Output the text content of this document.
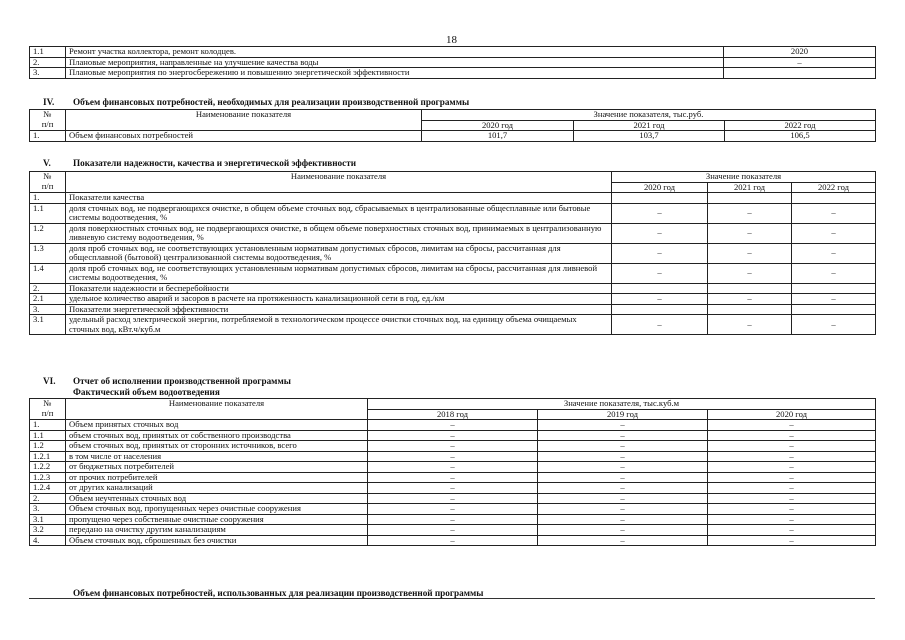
18
1.1	Ремонт участка коллектора, ремонт колодцев.	2020
2.	Плановые мероприятия, направленные на улучшение качества воды	–
3.	Плановые мероприятия по энергосбережению и повышению энергетической эффективности	
IV. Объем финансовых потребностей, необходимых для реализации производственной программы
№
п/п	Наименование показателя	Значение показателя, тыс.руб.		
		2020 год	2021 год	2022 год
1.	Объем финансовых потребностей	101,7	103,7	106,5
V. Показатели надежности, качества и энергетической эффективности
№
п/п	Наименование показателя	Значение показателя		
		2020 год	2021 год	2022 год
1.	Показатели качества			
1.1	доля сточных вод, не подвергающихся очистке, в общем объеме сточных вод, сбрасываемых в централизованные общесплавные или бытовые системы водоотведения, %	–	–	–
1.2	доля поверхностных сточных вод, не подвергающихся очистке, в общем объеме поверхностных сточных вод, принимаемых в централизованную ливневую систему водоотведения, %	–	–	–
1.3	доля проб сточных вод, не соответствующих установленным нормативам допустимых сбросов, лимитам на сбросы, рассчитанная для общесплавной (бытовой) централизованной системы водоотведения, %	–	–	–
1.4	доля проб сточных вод, не соответствующих установленным нормативам допустимых сбросов, лимитам на сбросы, рассчитанная для ливневой системы водоотведения, %	–	–	–
2.	Показатели надежности и бесперебойности			
2.1	удельное количество аварий и засоров в расчете на протяженность канализационной сети в год, ед./км	–	–	–
3.	Показатели энергетической эффективности			
3.1	удельный расход электрической энергии, потребляемой в технологическом процессе очистки сточных вод, на единицу объема очищаемых сточных вод, кВт.ч/куб.м	–	–	–
VI. Отчет об исполнении производственной программы
Фактический объем водоотведения
№
п/п	Наименование показателя	Значение показателя, тыс.куб.м		
		2018 год	2019 год	2020 год
1.	Объем принятых сточных вод	–	–	–
1.1	объем сточных вод, принятых от собственного производства	–	–	–
1.2	объем сточных вод, принятых от сторонних источников, всего	–	–	–
1.2.1	в том числе от населения	–	–	–
1.2.2	от бюджетных потребителей	–	–	–
1.2.3	от прочих потребителей	–	–	–
1.2.4	от других канализаций	–	–	–
2.	Объем неучтенных сточных вод	–	–	–
3.	Объем сточных вод, пропущенных через очистные сооружения	–	–	–
3.1	пропущено через собственные очистные сооружения	–	–	–
3.2	передано на очистку другим канализациям	–	–	–
4.	Объем сточных вод, сброшенных без очистки	–	–	–
Объем финансовых потребностей, использованных для реализации производственной программы
